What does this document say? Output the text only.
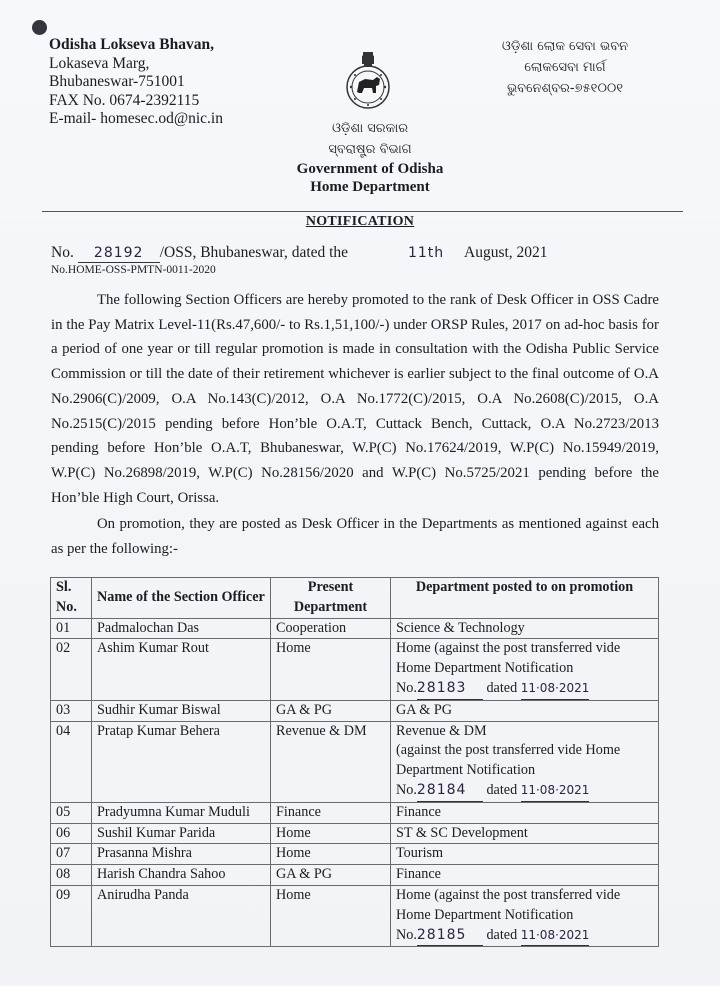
Odisha Lokseva Bhavan,
Lokaseva Marg,
Bhubaneswar-751001
FAX No. 0674-2392115
E-mail- homesec.od@nic.in
ଓଡ଼ିଶା ଲୋକ ସେବା ଭବନ
ଲୋକସେବା ମାର୍ଗ
ଭୁବନେଶ୍ବର-୭୫୧୦୦୧
ଓଡ଼ିଶା ସରକାର
ସ୍ବରାଷ୍ଟ୍ର ବିଭାଗ
Government of Odisha
Home Department
NOTIFICATION
No. 28192 /OSS, Bhubaneswar, dated the	11th August, 2021
No.HOME-OSS-PMTN-0011-2020
The following Section Officers are hereby promoted to the rank of Desk Officer in OSS Cadre in the Pay Matrix Level-11(Rs.47,600/- to Rs.1,51,100/-) under ORSP Rules, 2017 on ad-hoc basis for a period of one year or till regular promotion is made in consultation with the Odisha Public Service Commission or till the date of their retirement whichever is earlier subject to the final outcome of O.A No.2906(C)/2009, O.A No.143(C)/2012, O.A No.1772(C)/2015, O.A No.2608(C)/2015, O.A No.2515(C)/2015 pending before Hon’ble O.A.T, Cuttack Bench, Cuttack, O.A No.2723/2013 pending before Hon’ble O.A.T, Bhubaneswar, W.P(C) No.17624/2019, W.P(C) No.15949/2019, W.P(C) No.26898/2019, W.P(C) No.28156/2020 and W.P(C) No.5725/2021 pending before the Hon’ble High Court, Orissa.
On promotion, they are posted as Desk Officer in the Departments as mentioned against each as per the following:-
Sl. No.	Name of the Section Officer	Present Department	Department posted to on promotion
01	Padmalochan Das	Cooperation	Science & Technology
02	Ashim Kumar Rout	Home	Home (against the post transferred vide Home Department Notification
No.28183 dated 11·08·2021

03	Sudhir Kumar Biswal	GA & PG	GA & PG
04	Pratap Kumar Behera	Revenue & DM	Revenue & DM
(against the post transferred vide Home Department Notification
No.28184 dated 11·08·2021

05	Pradyumna Kumar Muduli	Finance	Finance
06	Sushil Kumar Parida	Home	ST & SC Development
07	Prasanna Mishra	Home	Tourism
08	Harish Chandra Sahoo	GA & PG	Finance
09	Anirudha Panda	Home	Home (against the post transferred vide Home Department Notification
No.28185 dated 11·08·2021
